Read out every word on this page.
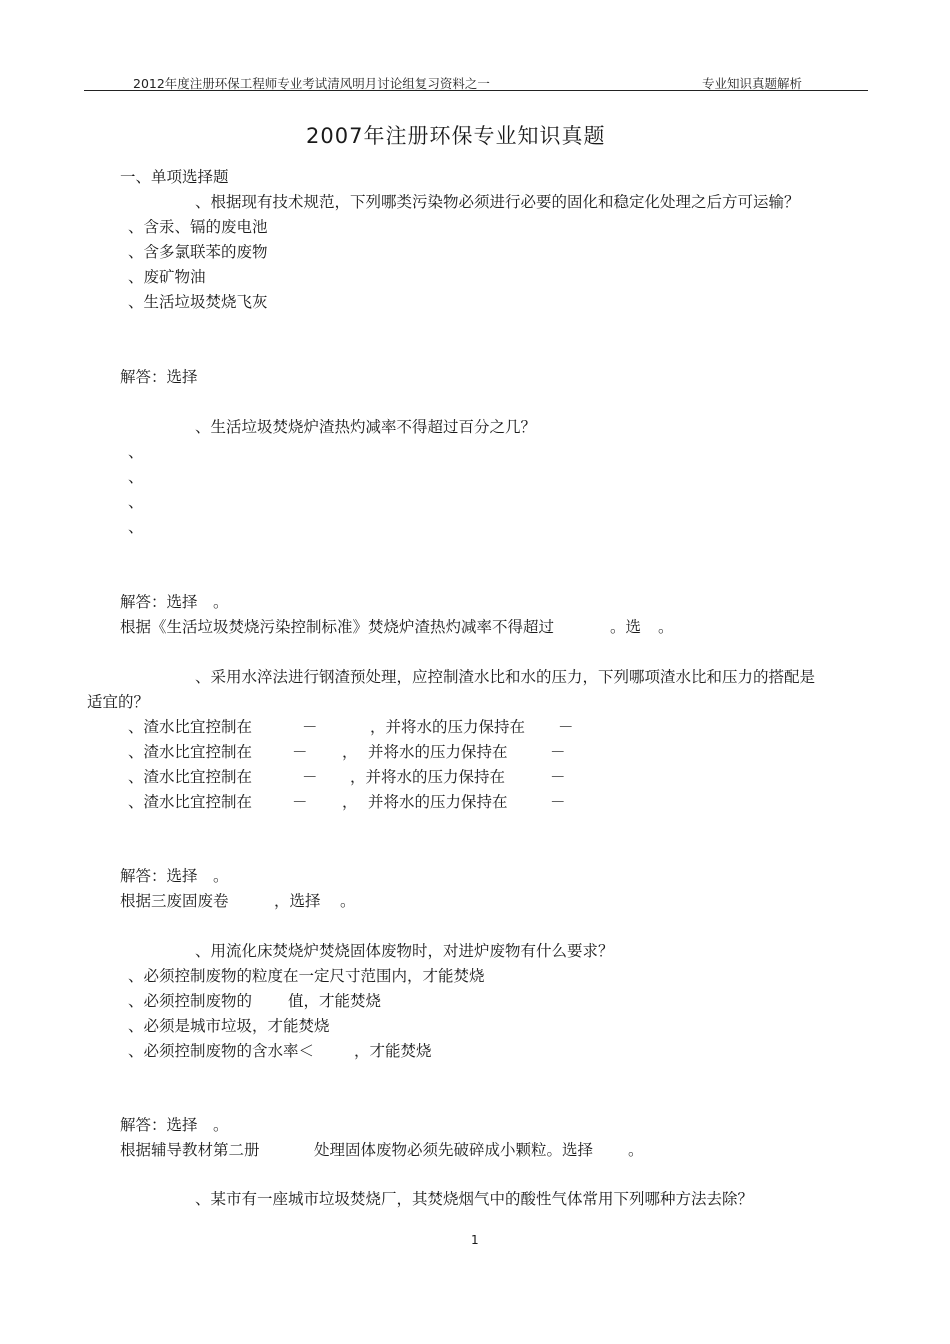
2012年度注册环保工程师专业考试清风明月讨论组复习资料之一	专业知识真题解析
2007年注册环保专业知识真题
一、单项选择题
、根据现有技术规范，下列哪类污染物必须进行必要的固化和稳定化处理之后方可运输？
、含汞、镉的废电池
、含多氯联苯的废物
、废矿物油
、生活垃圾焚烧飞灰
解答：选择
、生活垃圾焚烧炉渣热灼减率不得超过百分之几？
、
、
、
、
解答：选择　。
根据《生活垃圾焚烧污染控制标准》焚烧炉渣热灼减率不得超过	。选 。
、采用水淬法进行钢渣预处理，应控制渣水比和水的压力，下列哪项渣水比和压力的搭配是
适宜的？
、渣水比宜控制在	－	，并将水的压力保持在 －
、渣水比宜控制在	－ ， 并将水的压力保持在	－
、渣水比宜控制在	－ ，并将水的压力保持在	－
、渣水比宜控制在	－ ， 并将水的压力保持在	－
解答：选择　。
根据三废固废卷	，选择 。
、用流化床焚烧炉焚烧固体废物时，对进炉废物有什么要求？
、必须控制废物的粒度在一定尺寸范围内，才能焚烧
、必须控制废物的 值，才能焚烧
、必须是城市垃圾，才能焚烧
、必须控制废物的含水率＜	，才能焚烧
解答：选择　。
根据辅导教材第二册	处理固体废物必须先破碎成小颗粒。选择 。
、某市有一座城市垃圾焚烧厂，其焚烧烟气中的酸性气体常用下列哪种方法去除？
1
